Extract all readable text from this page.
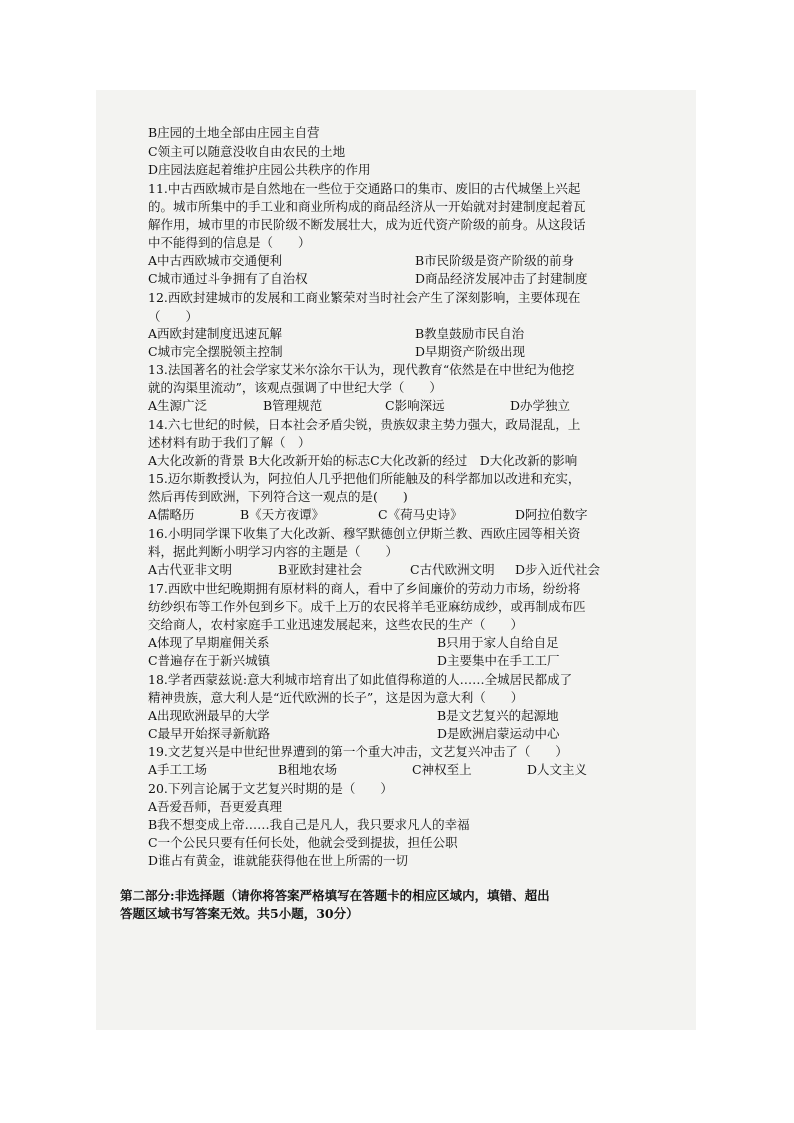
B庄园的土地全部由庄园主自营
C领主可以随意没收自由农民的土地
D庄园法庭起着维护庄园公共秩序的作用
11.中古西欧城市是自然地在一些位于交通路口的集市、废旧的古代城堡上兴起
的。城市所集中的手工业和商业所构成的商品经济从一开始就对封建制度起着瓦
解作用，城市里的市民阶级不断发展壮大，成为近代资产阶级的前身。从这段话
中不能得到的信息是（　　）
A中古西欧城市交通便利	B市民阶级是资产阶级的前身
C城市通过斗争拥有了自治权	D商品经济发展冲击了封建制度
12.西欧封建城市的发展和工商业繁荣对当时社会产生了深刻影响，主要体现在
（　　）
A西欧封建制度迅速瓦解	B教皇鼓励市民自治
C城市完全摆脱领主控制	D早期资产阶级出现
13.法国著名的社会学家艾米尔涂尔干认为，现代教育“依然是在中世纪为他挖
就的沟渠里流动”，该观点强调了中世纪大学（　　）
A生源广泛	B管理规范	C影响深远	D办学独立
14.六七世纪的时候，日本社会矛盾尖锐，贵族奴隶主势力强大，政局混乱，上
述材料有助于我们了解（　）
A大化改新的背景 B大化改新开始的标志C大化改新的经过　D大化改新的影响
15.迈尔斯教授认为，阿拉伯人几乎把他们所能触及的科学都加以改进和充实，
然后再传到欧洲，下列符合这一观点的是(　　)
A儒略历	B《天方夜谭》	C《荷马史诗》	D阿拉伯数字
16.小明同学课下收集了大化改新、穆罕默德创立伊斯兰教、西欧庄园等相关资
料，据此判断小明学习内容的主题是（　　）
A古代亚非文明	B亚欧封建社会	C古代欧洲文明 D步入近代社会
17.西欧中世纪晚期拥有原材料的商人，看中了乡间廉价的劳动力市场，纷纷将
纺纱织布等工作外包到乡下。成千上万的农民将羊毛亚麻纺成纱，或再制成布匹
交给商人，农村家庭手工业迅速发展起来，这些农民的生产（　　）
A体现了早期雇佣关系	B只用于家人自给自足
C普遍存在于新兴城镇	D主要集中在手工工厂
18.学者西蒙兹说:意大利城市培育出了如此值得称道的人……全城居民都成了
精神贵族，意大利人是“近代欧洲的长子”，这是因为意大利（　　）
A出现欧洲最早的大学	B是文艺复兴的起源地
C最早开始探寻新航路	D是欧洲启蒙运动中心
19.文艺复兴是中世纪世界遭到的第一个重大冲击，文艺复兴冲击了（　　）
A手工工场	B租地农场	C神权至上	D人文主义
20.下列言论属于文艺复兴时期的是（　　）
A吾爱吾师，吾更爱真理
B我不想变成上帝……我自己是凡人，我只要求凡人的幸福
C一个公民只要有任何长处，他就会受到提拔，担任公职
D谁占有黄金，谁就能获得他在世上所需的一切
第二部分:非选择题（请你将答案严格填写在答题卡的相应区域内，填错、超出
答题区域书写答案无效。共5小题，30分）
